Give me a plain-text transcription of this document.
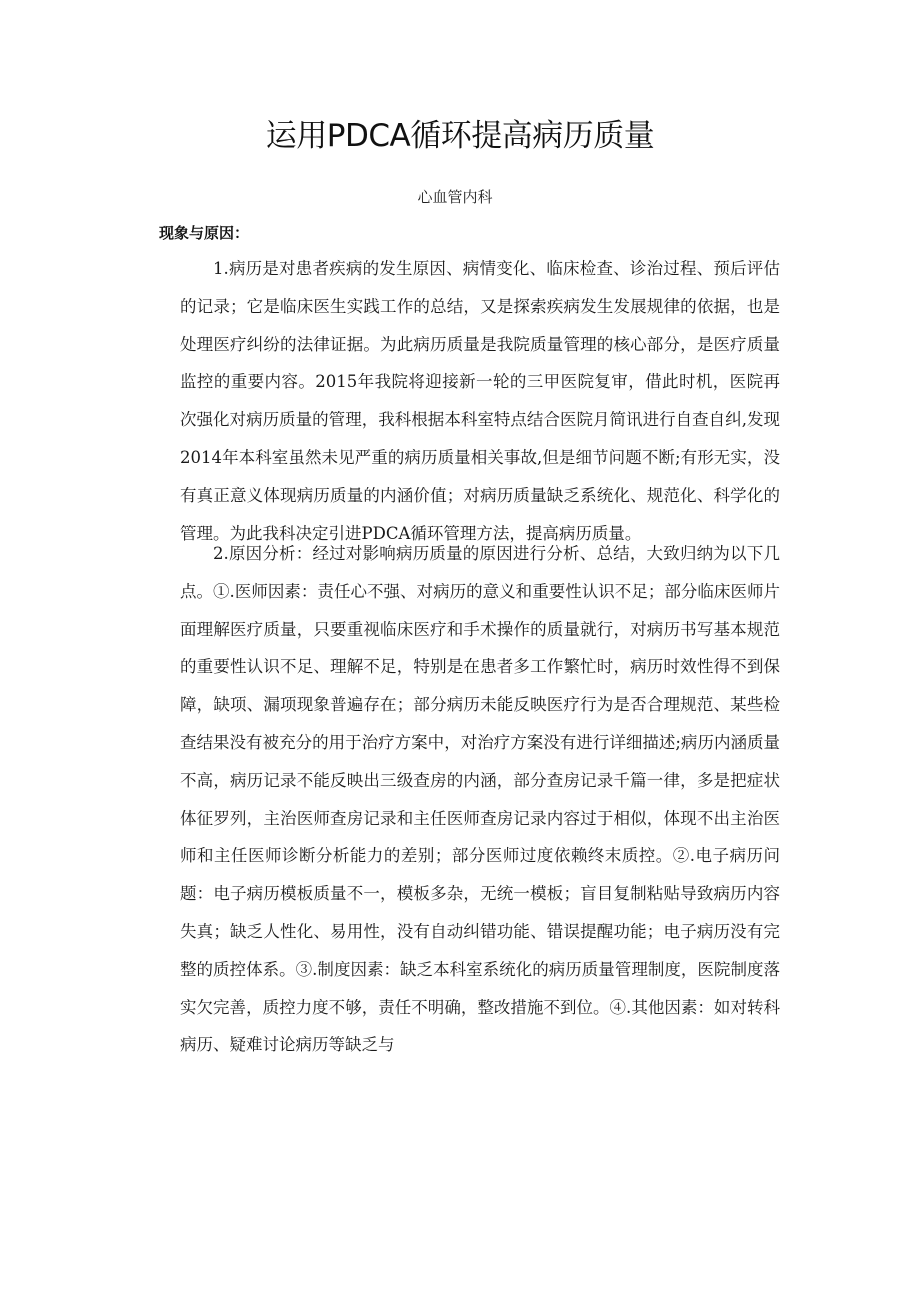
运用PDCA循环提高病历质量
心血管内科
现象与原因：

1.病历是对患者疾病的发生原因、病情变化、临床检查、诊治过程、预后评估的记录；它是临床医生实践工作的总结，又是探索疾病发生发展规律的依据，也是处理医疗纠纷的法律证据。为此病历质量是我院质量管理的核心部分，是医疗质量监控的重要内容。2015年我院将迎接新一轮的三甲医院复审，借此时机，医院再次强化对病历质量的管理，我科根据本科室特点结合医院月简讯进行自查自纠,发现2014年本科室虽然未见严重的病历质量相关事故,但是细节问题不断;有形无实，没有真正意义体现病历质量的内涵价值；对病历质量缺乏系统化、规范化、科学化的管理。为此我科决定引进PDCA循环管理方法，提高病历质量。

2.原因分析：经过对影响病历质量的原因进行分析、总结，大致归纳为以下几点。①.医师因素：责任心不强、对病历的意义和重要性认识不足；部分临床医师片面理解医疗质量，只要重视临床医疗和手术操作的质量就行，对病历书写基本规范的重要性认识不足、理解不足，特别是在患者多工作繁忙时，病历时效性得不到保障，缺项、漏项现象普遍存在；部分病历未能反映医疗行为是否合理规范、某些检查结果没有被充分的用于治疗方案中，对治疗方案没有进行详细描述;病历内涵质量不高，病历记录不能反映出三级查房的内涵，部分查房记录千篇一律，多是把症状体征罗列，主治医师查房记录和主任医师查房记录内容过于相似，体现不出主治医师和主任医师诊断分析能力的差别；部分医师过度依赖终末质控。②.电子病历问题：电子病历模板质量不一，模板多杂，无统一模板；盲目复制粘贴导致病历内容失真；缺乏人性化、易用性，没有自动纠错功能、错误提醒功能；电子病历没有完整的质控体系。③.制度因素：缺乏本科室系统化的病历质量管理制度，医院制度落实欠完善，质控力度不够，责任不明确，整改措施不到位。④.其他因素：如对转科病历、疑难讨论病历等缺乏与
